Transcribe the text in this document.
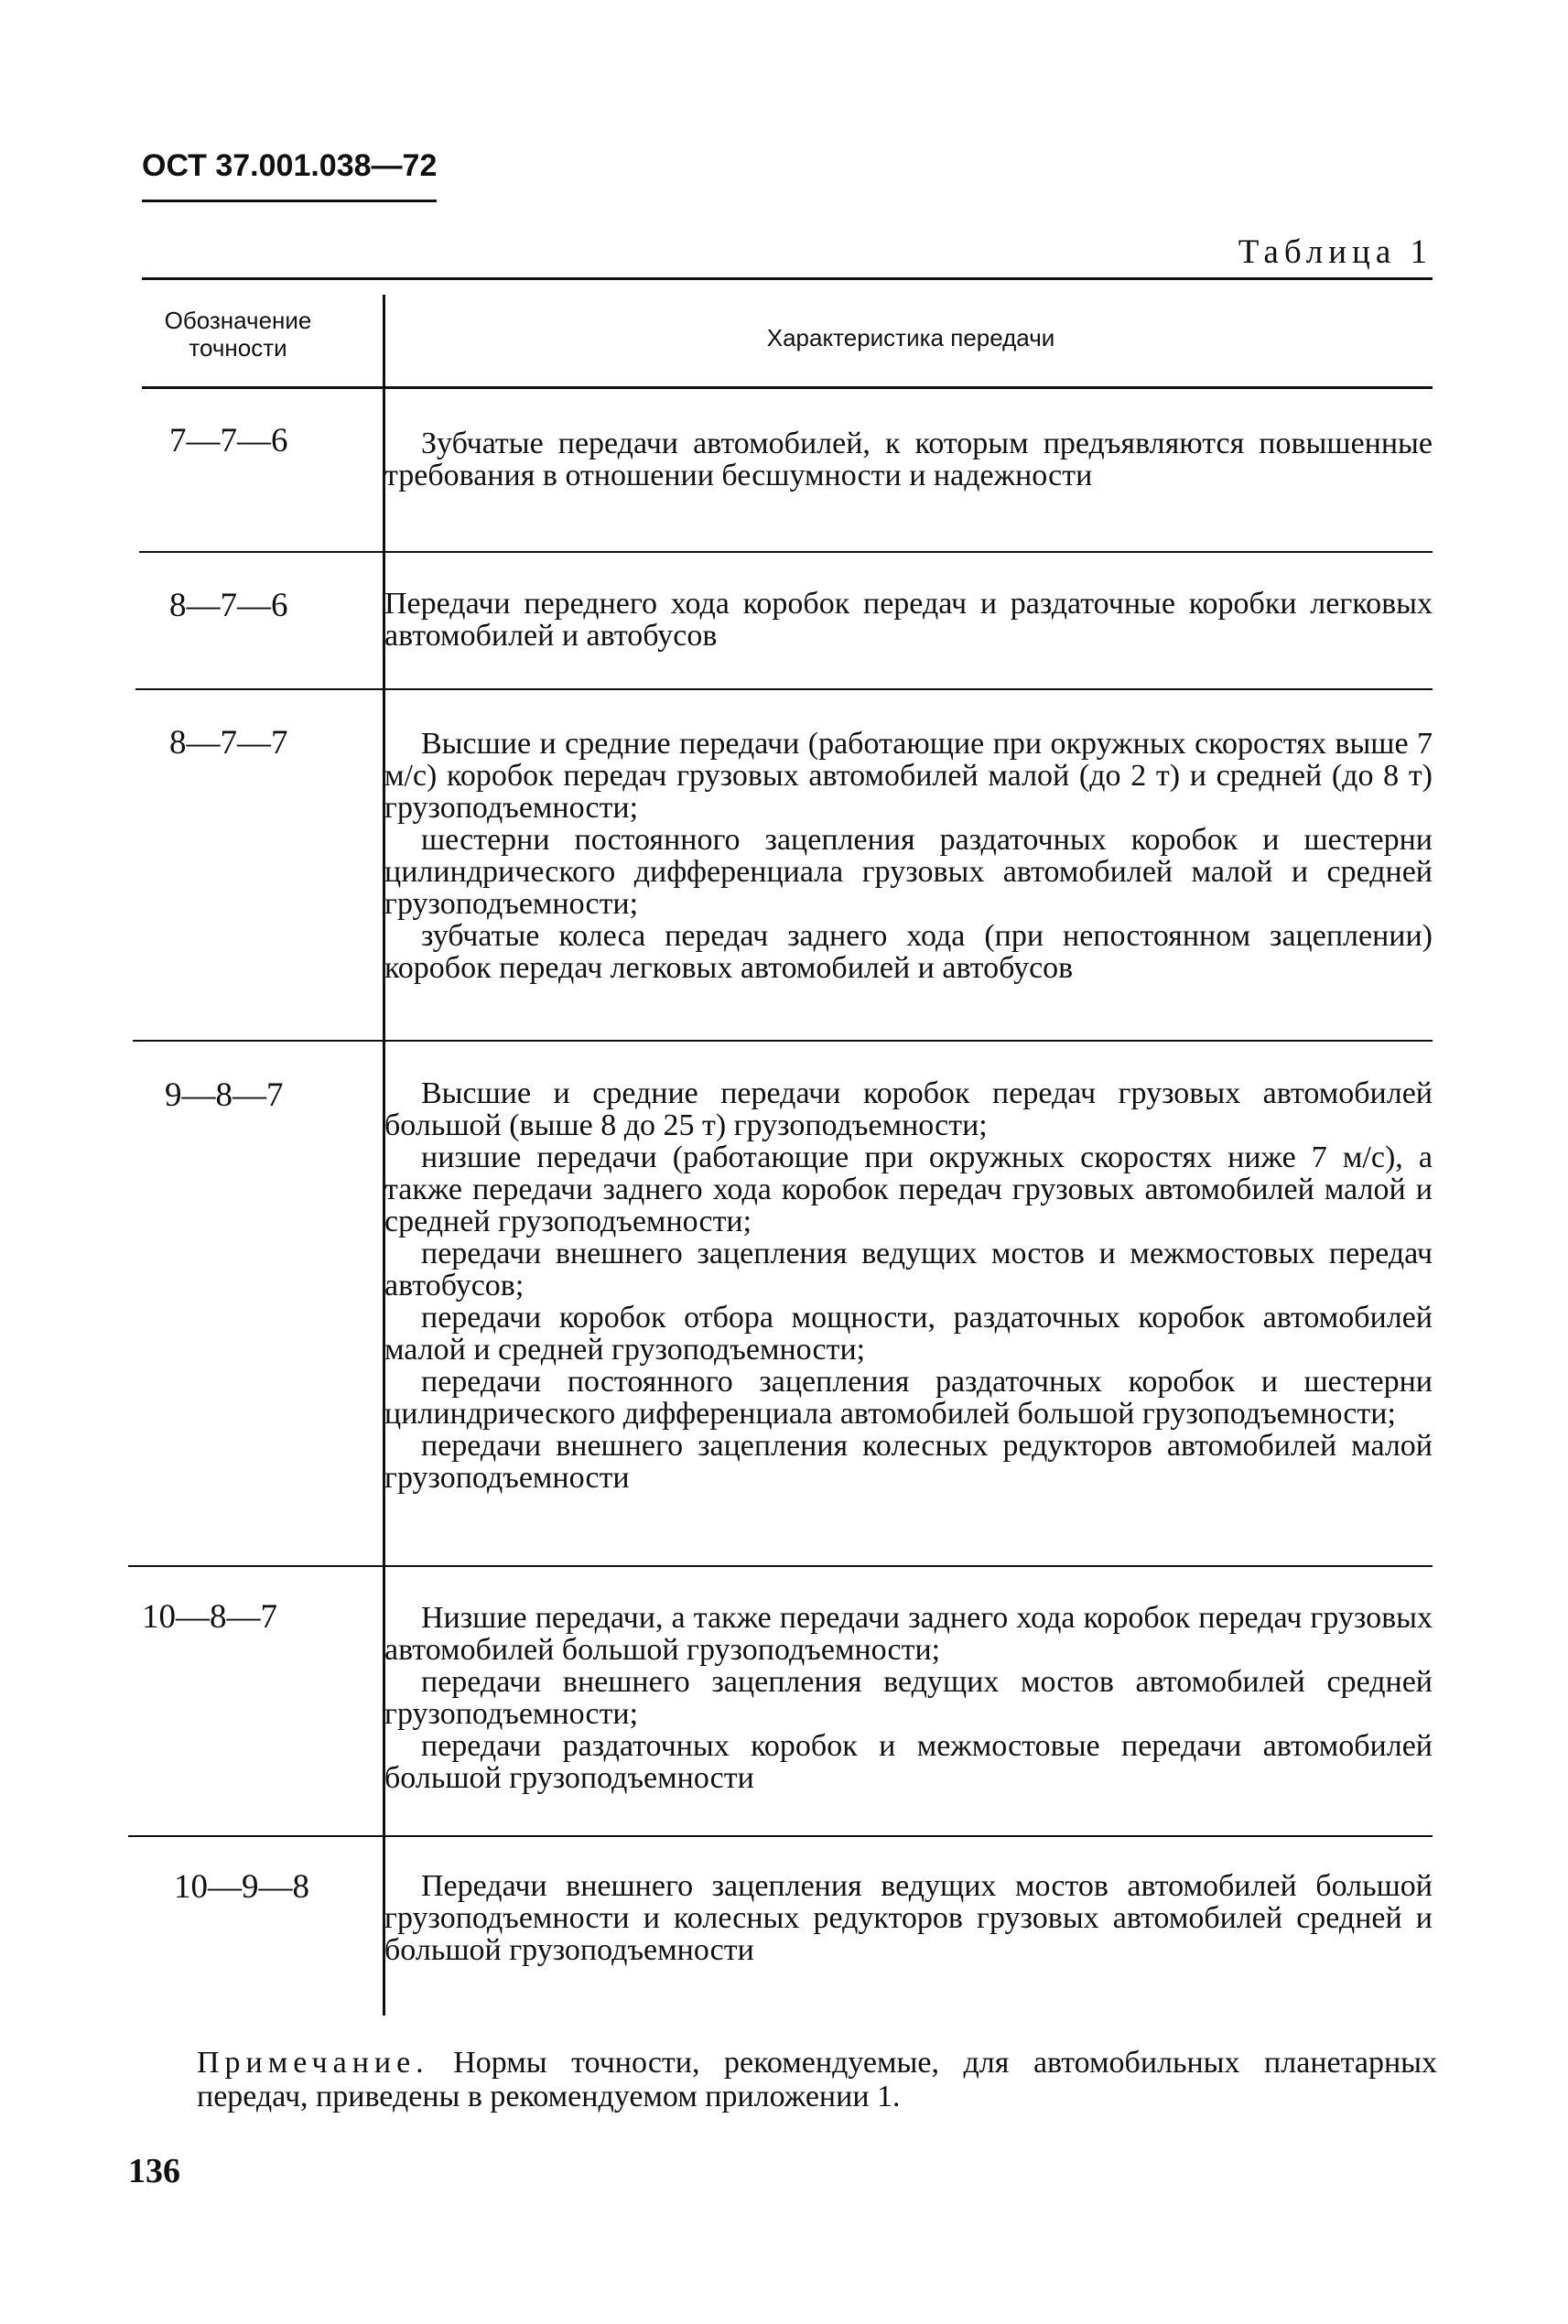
ОСТ 37.001.038—72
Таблица 1
Обозначение точности	Характеристика передачи
7—7—6	Зубчатые передачи автомобилей, к которым предъявляются повышенные требования в отношении бесшумности и надежности
8—7—6	Передачи переднего хода коробок передач и раздаточные коробки легковых автомобилей и автобусов
8—7—7	Высшие и средние передачи (работающие при окружных скоростях выше 7 м/с) коробок передач грузовых автомобилей малой (до 2 т) и средней (до 8 т) грузоподъемности;
шестерни постоянного зацепления раздаточных коробок и шестерни цилиндрического дифференциала грузовых автомобилей малой и средней грузоподъемности;
зубчатые колеса передач заднего хода (при непостоянном зацеплении) коробок передач легковых автомобилей и автобусов
9—8—7	Высшие и средние передачи коробок передач грузовых автомобилей большой (выше 8 до 25 т) грузоподъемности;
низшие передачи (работающие при окружных скоростях ниже 7 м/с), а также передачи заднего хода коробок передач грузовых автомобилей малой и средней грузоподъемности;
передачи внешнего зацепления ведущих мостов и межмостовых передач автобусов;
передачи коробок отбора мощности, раздаточных коробок автомобилей малой и средней грузоподъемности;
передачи постоянного зацепления раздаточных коробок и шестерни цилиндрического дифференциала автомобилей большой грузоподъемности;
передачи внешнего зацепления колесных редукторов автомобилей малой грузоподъемности
10—8—7	Низшие передачи, а также передачи заднего хода коробок передач грузовых автомобилей большой грузоподъемности;
передачи внешнего зацепления ведущих мостов автомобилей средней грузоподъемности;
передачи раздаточных коробок и межмостовые передачи автомобилей большой грузоподъемности
10—9—8	Передачи внешнего зацепления ведущих мостов автомобилей большой грузоподъемности и колесных редукторов грузовых автомобилей средней и большой грузоподъемности
Примечание. Нормы точности, рекомендуемые, для автомобильных планетарных передач, приведены в рекомендуемом приложении 1.
136
